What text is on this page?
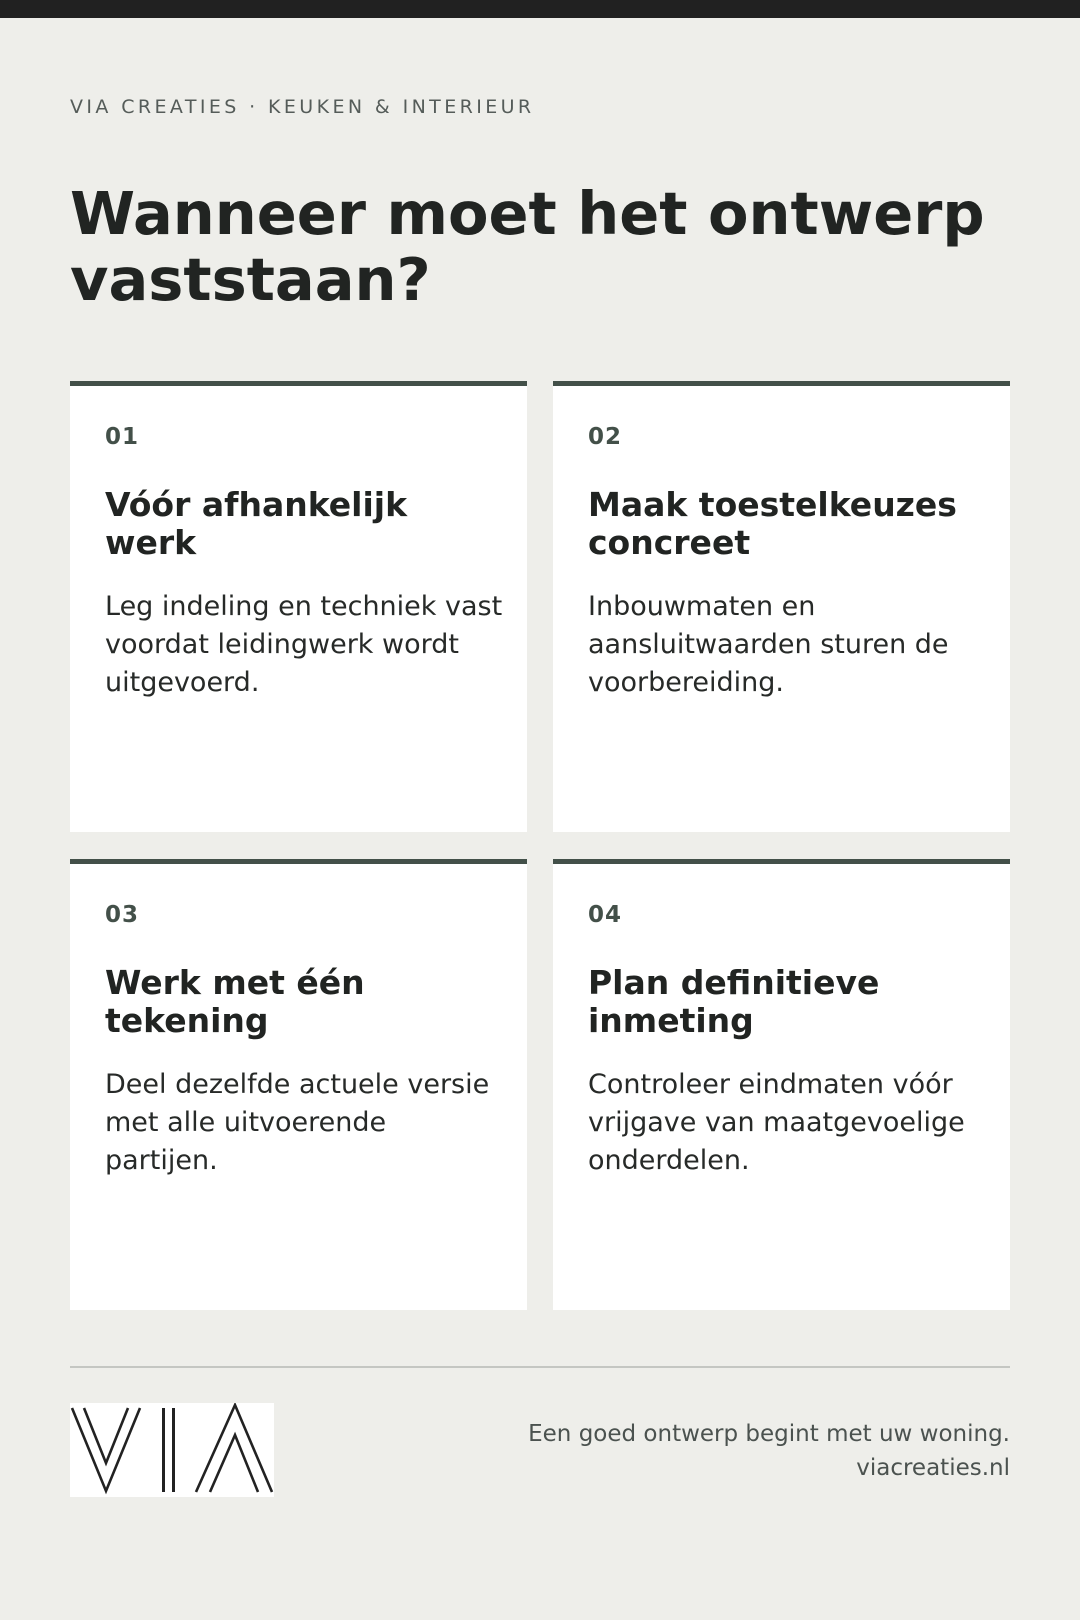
VIA CREATIES · KEUKEN & INTERIEUR
Wanneer moet het ontwerp vaststaan?
01
Vóór afhankelijk werk
Leg indeling en techniek vast voordat leidingwerk wordt uitgevoerd.
02
Maak toestelkeuzes concreet
Inbouwmaten en aansluitwaarden sturen de voorbereiding.
03
Werk met één tekening
Deel dezelfde actuele versie met alle uitvoerende partijen.
04
Plan definitieve inmeting
Controleer eindmaten vóór vrijgave van maatgevoelige onderdelen.
Een goed ontwerp begint met uw woning.
viacreaties.nl
